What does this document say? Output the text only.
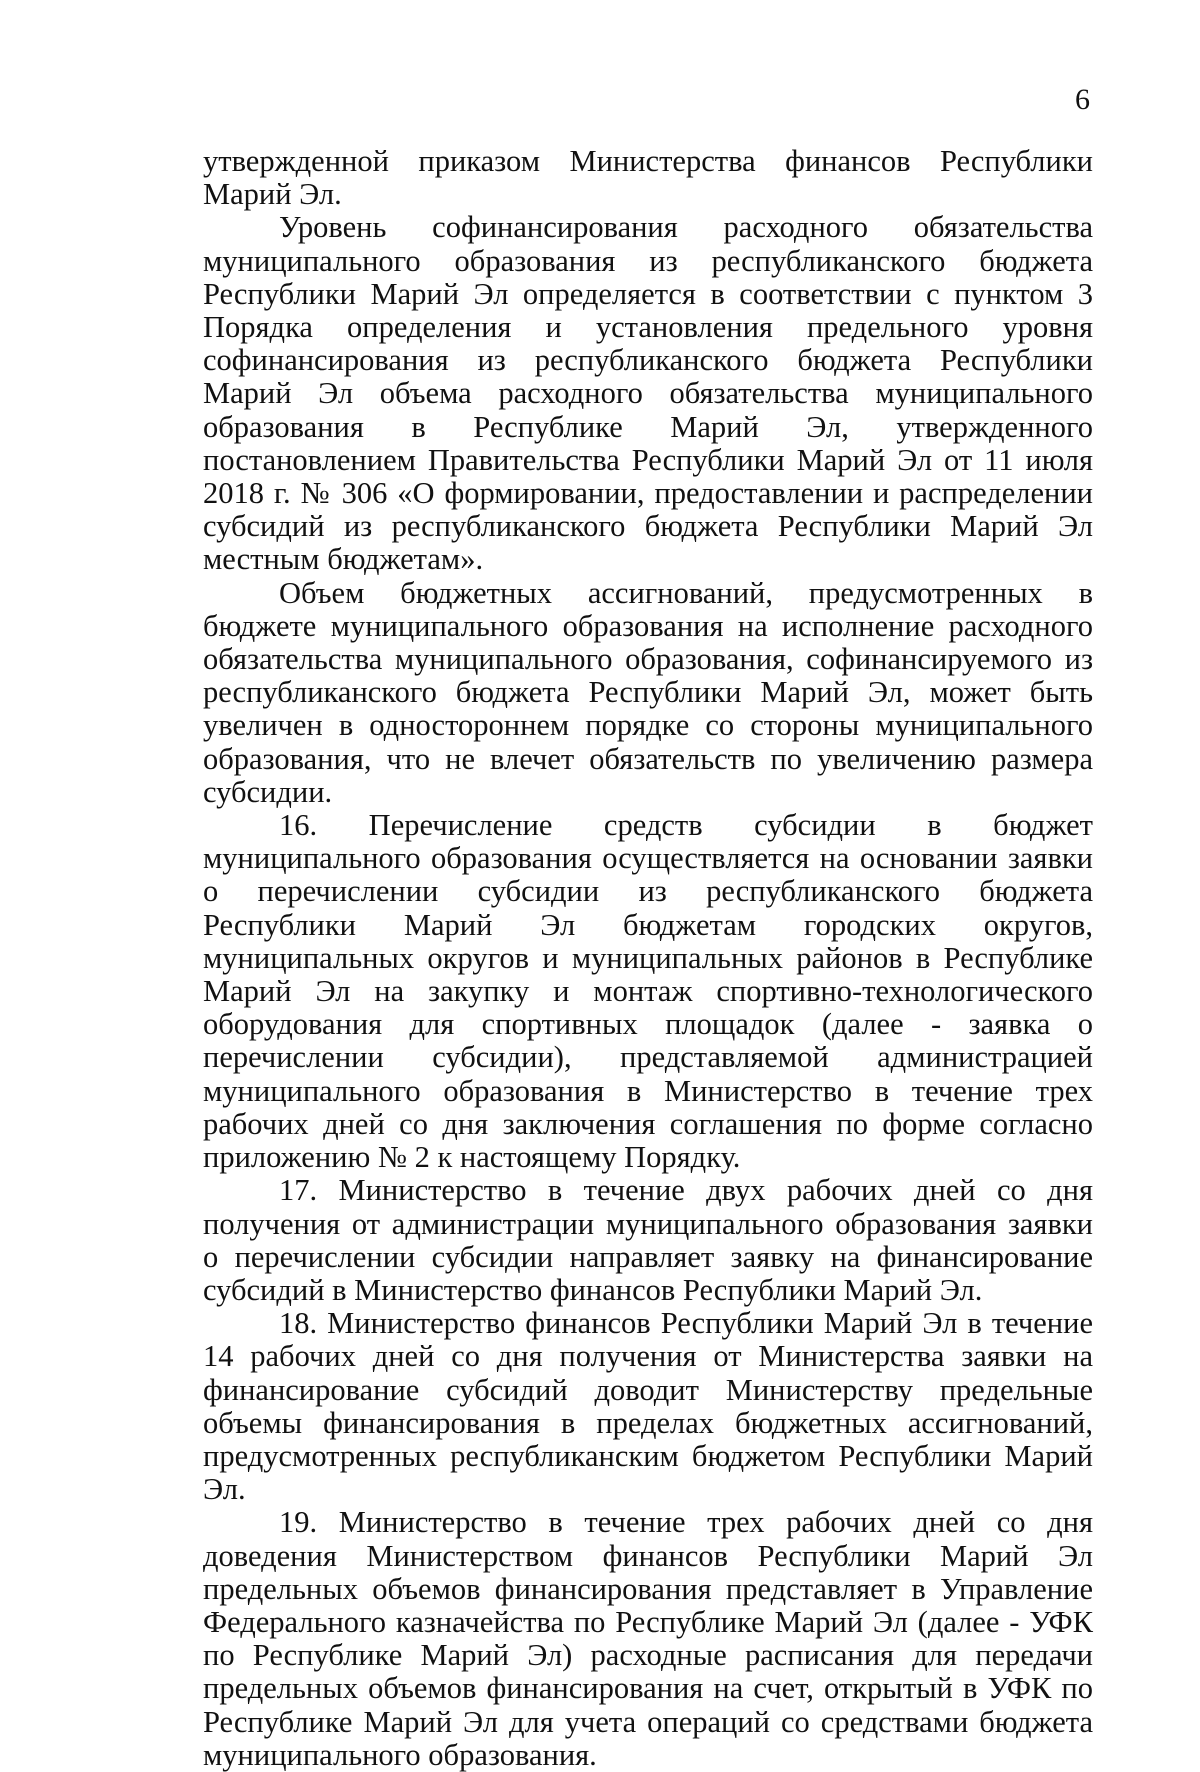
6

утвержденной приказом Министерства финансов Республики Марий Эл.

Уровень софинансирования расходного обязательства муниципального образования из республиканского бюджета Республики Марий Эл определяется в соответствии с пунктом 3 Порядка определения и установления предельного уровня софинансирования из республиканского бюджета Республики Марий Эл объема расходного обязательства муниципального образования в Республике Марий Эл, утвержденного постановлением Правительства Республики Марий Эл от 11 июля 2018 г. № 306 «О формировании, предоставлении и распределении субсидий из республиканского бюджета Республики Марий Эл местным бюджетам».

Объем бюджетных ассигнований, предусмотренных в бюджете муниципального образования на исполнение расходного обязательства муниципального образования, софинансируемого из республиканского бюджета Республики Марий Эл, может быть увеличен в одностороннем порядке со стороны муниципального образования, что не влечет обязательств по увеличению размера субсидии.

16. Перечисление средств субсидии в бюджет муниципального образования осуществляется на основании заявки о перечислении субсидии из республиканского бюджета Республики Марий Эл бюджетам городских округов, муниципальных округов и муниципальных районов в Республике Марий Эл на закупку и монтаж спортивно-технологического оборудования для спортивных площадок (далее - заявка о перечислении субсидии), представляемой администрацией муниципального образования в Министерство в течение трех рабочих дней со дня заключения соглашения по форме согласно приложению № 2 к настоящему Порядку.

17. Министерство в течение двух рабочих дней со дня получения от администрации муниципального образования заявки о перечислении субсидии направляет заявку на финансирование субсидий в Министерство финансов Республики Марий Эл.

18. Министерство финансов Республики Марий Эл в течение 14 рабочих дней со дня получения от Министерства заявки на финансирование субсидий доводит Министерству предельные объемы финансирования в пределах бюджетных ассигнований, предусмотренных республиканским бюджетом Республики Марий Эл.

19. Министерство в течение трех рабочих дней со дня доведения Министерством финансов Республики Марий Эл предельных объемов финансирования представляет в Управление Федерального казначейства по Республике Марий Эл (далее - УФК по Республике Марий Эл) расходные расписания для передачи предельных объемов финансирования на счет, открытый в УФК по Республике Марий Эл для учета операций со средствами бюджета муниципального образования.
